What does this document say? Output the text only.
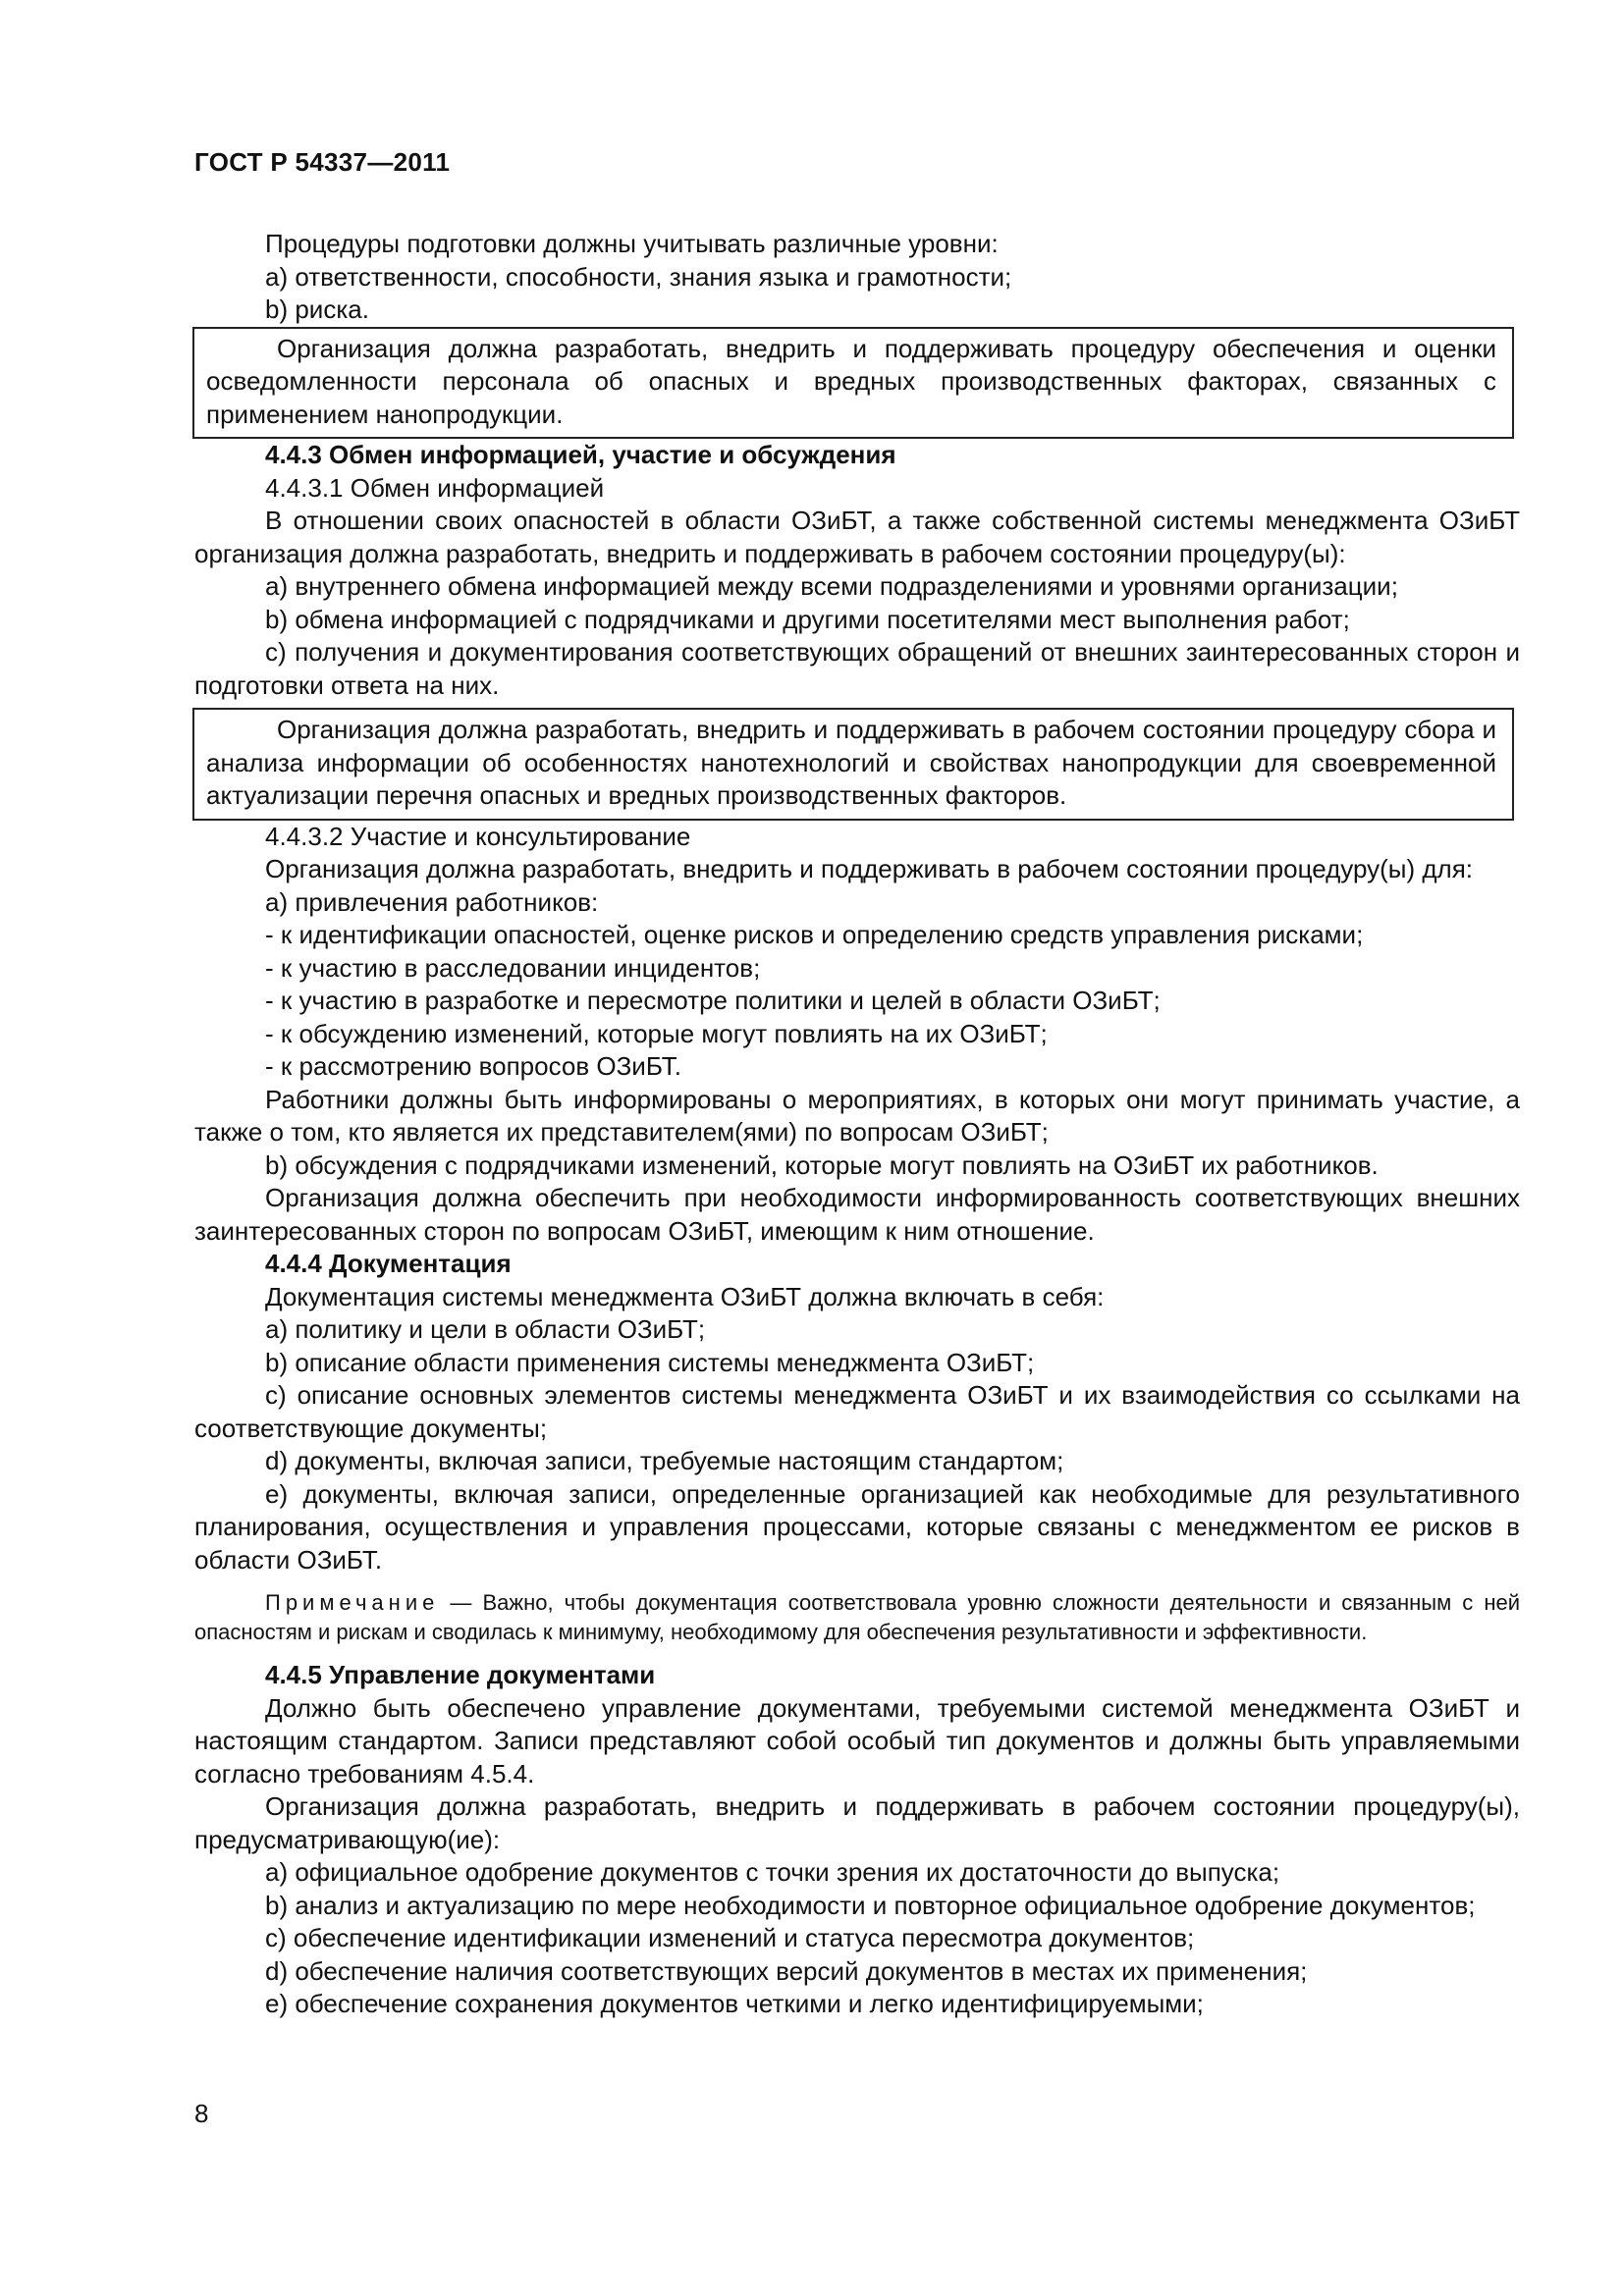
ГОСТ Р 54337—2011

Процедуры подготовки должны учитывать различные уровни:

a) ответственности, способности, знания языка и грамотности;

b) риска.

Организация должна разработать, внедрить и поддерживать процедуру обеспечения и оценки осведомленности персонала об опасных и вредных производственных факторах, связанных с применением нанопродукции.

4.4.3 Обмен информацией, участие и обсуждения

4.4.3.1 Обмен информацией

В отношении своих опасностей в области ОЗиБТ, а также собственной системы менеджмента ОЗиБТ организация должна разработать, внедрить и поддерживать в рабочем состоянии процедуру(ы):

a) внутреннего обмена информацией между всеми подразделениями и уровнями организации;

b) обмена информацией с подрядчиками и другими посетителями мест выполнения работ;

c) получения и документирования соответствующих обращений от внешних заинтересованных сторон и подготовки ответа на них.

Организация должна разработать, внедрить и поддерживать в рабочем состоянии процедуру сбора и анализа информации об особенностях нанотехнологий и свойствах нанопродукции для своевременной актуализации перечня опасных и вредных производственных факторов.

4.4.3.2 Участие и консультирование

Организация должна разработать, внедрить и поддерживать в рабочем состоянии процедуру(ы) для:

a) привлечения работников:

- к идентификации опасностей, оценке рисков и определению средств управления рисками;

- к участию в расследовании инцидентов;

- к участию в разработке и пересмотре политики и целей в области ОЗиБТ;

- к обсуждению изменений, которые могут повлиять на их ОЗиБТ;

- к рассмотрению вопросов ОЗиБТ.

Работники должны быть информированы о мероприятиях, в которых они могут принимать участие, а также о том, кто является их представителем(ями) по вопросам ОЗиБТ;

b) обсуждения с подрядчиками изменений, которые могут повлиять на ОЗиБТ их работников.

Организация должна обеспечить при необходимости информированность соответствующих внешних заинтересованных сторон по вопросам ОЗиБТ, имеющим к ним отношение.

4.4.4 Документация

Документация системы менеджмента ОЗиБТ должна включать в себя:

a) политику и цели в области ОЗиБТ;

b) описание области применения системы менеджмента ОЗиБТ;

c) описание основных элементов системы менеджмента ОЗиБТ и их взаимодействия со ссылками на соответствующие документы;

d) документы, включая записи, требуемые настоящим стандартом;

e) документы, включая записи, определенные организацией как необходимые для результативного планирования, осуществления и управления процессами, которые связаны с менеджментом ее рисков в области ОЗиБТ.

Примечание — Важно, чтобы документация соответствовала уровню сложности деятельности и связанным с ней опасностям и рискам и сводилась к минимуму, необходимому для обеспечения результативности и эффективности.

4.4.5 Управление документами

Должно быть обеспечено управление документами, требуемыми системой менеджмента ОЗиБТ и настоящим стандартом. Записи представляют собой особый тип документов и должны быть управляемыми согласно требованиям 4.5.4.

Организация должна разработать, внедрить и поддерживать в рабочем состоянии процедуру(ы), предусматривающую(ие):

a) официальное одобрение документов с точки зрения их достаточности до выпуска;

b) анализ и актуализацию по мере необходимости и повторное официальное одобрение документов;

c) обеспечение идентификации изменений и статуса пересмотра документов;

d) обеспечение наличия соответствующих версий документов в местах их применения;

e) обеспечение сохранения документов четкими и легко идентифицируемыми;

8
